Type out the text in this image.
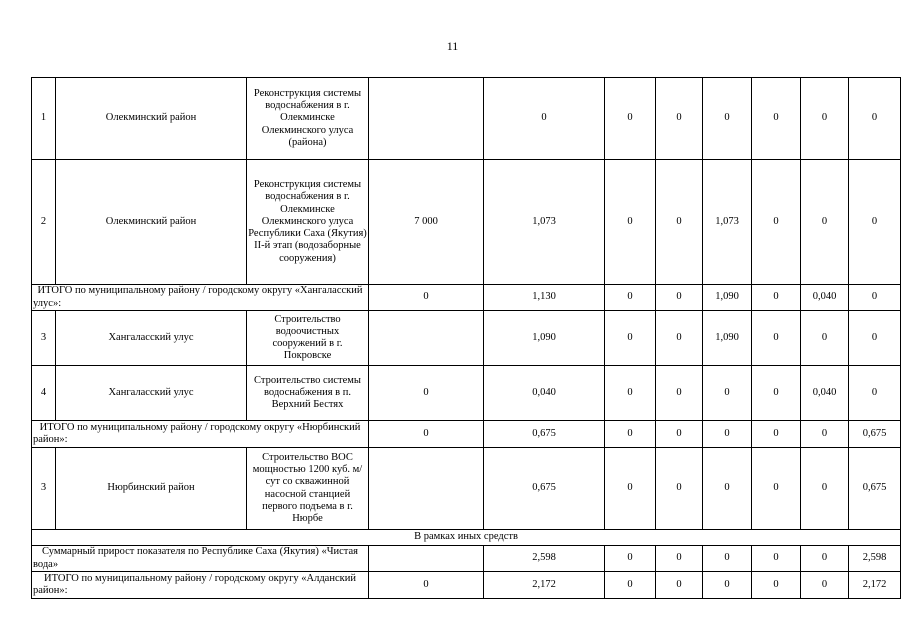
11
1	Олекминский район	Реконструкция системы водоснабжения в г. Олекминске Олекминского улуса (района)		0	0	0	0	0	0	0
2	Олекминский район	Реконструкция системы водоснабжения в г. Олекминске Олекминского улуса Республики Саха (Якутия) II-й этап (водозаборные сооружения)	7 000	1,073	0	0	1,073	0	0	0
ИТОГО по муниципальному району / городскому округу «Хангаласский улус»:			0	1,130	0	0	1,090	0	0,040	0
3	Хангаласский улус	Строительство водоочистных сооружений в г. Покровске		1,090	0	0	1,090	0	0	0
4	Хангаласский улус	Строительство системы водоснабжения в п. Верхний Бестях	0	0,040	0	0	0	0	0,040	0
ИТОГО по муниципальному району / городскому округу «Нюрбинский район»:			0	0,675	0	0	0	0	0	0,675
3	Нюрбинский район	Строительство ВОС мощностью 1200 куб. м/сут со скважинной насосной станцией первого подъема в г. Нюрбе		0,675	0	0	0	0	0	0,675
В рамках иных средств										
Суммарный прирост показателя по Республике Саха (Якутия) «Чистая вода»				2,598	0	0	0	0	0	2,598
ИТОГО по муниципальному району / городскому округу «Алданский район»:			0	2,172	0	0	0	0	0	2,172
